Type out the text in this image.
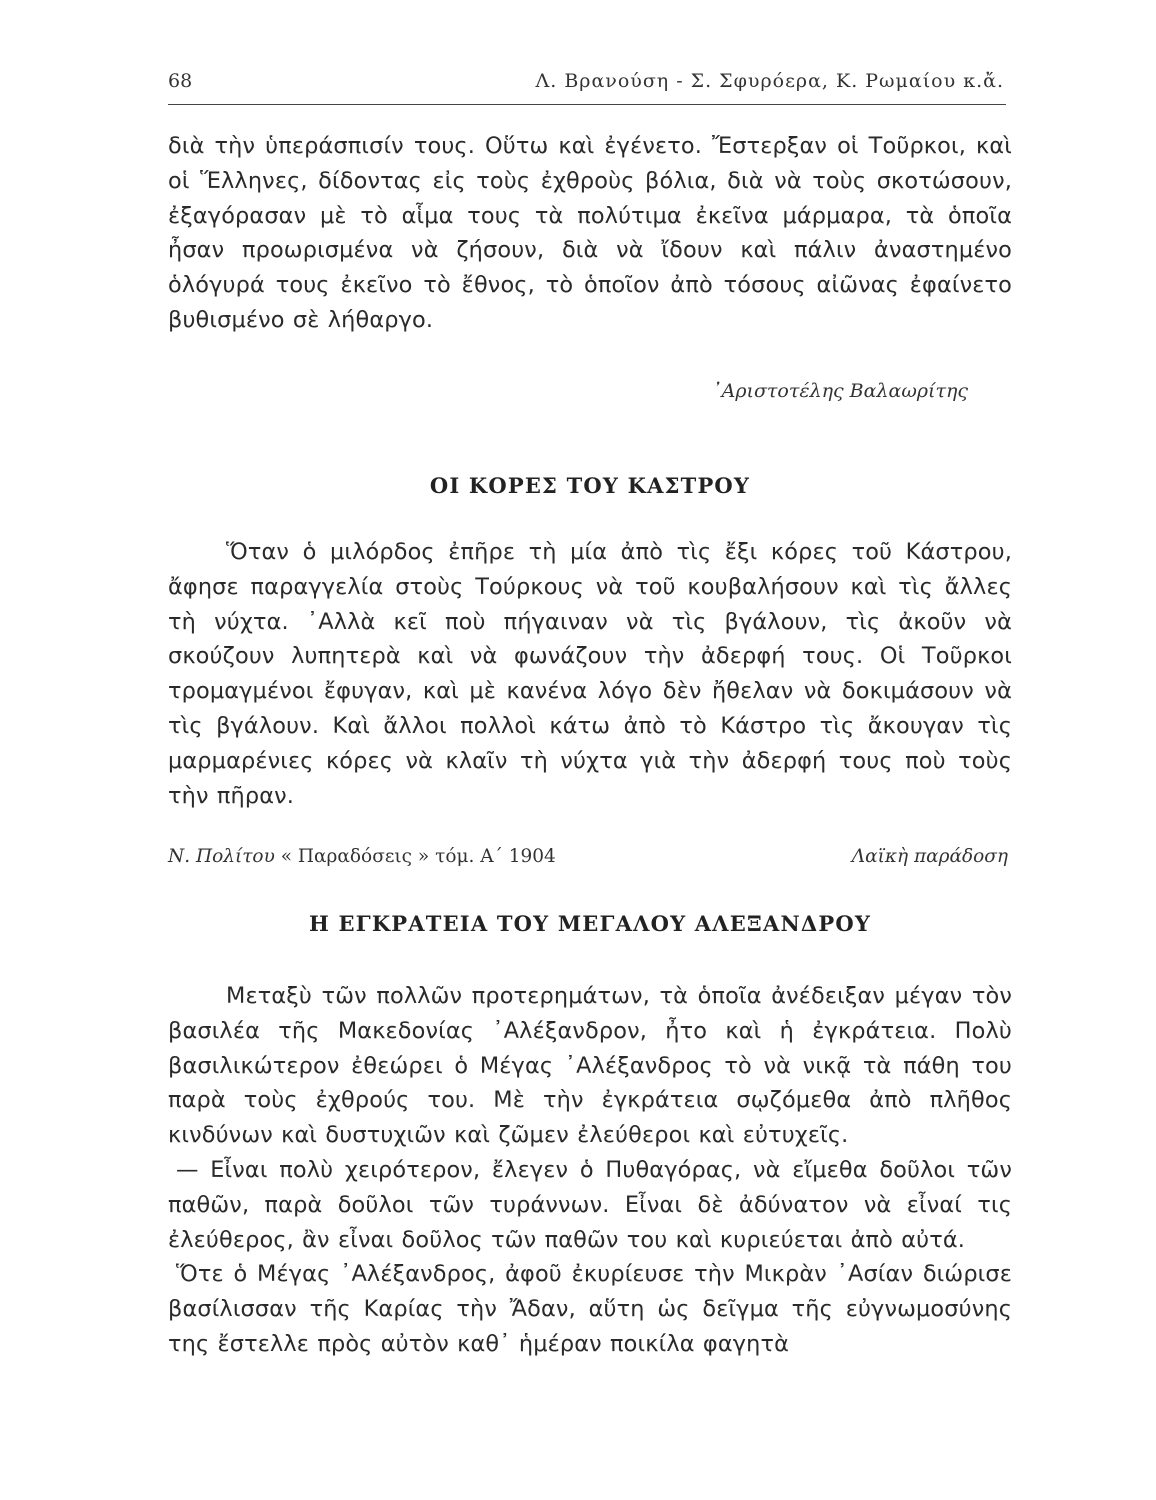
68	Λ. Βρανούση - Σ. Σφυρόερα, Κ. Ρωμαίου κ.ἄ.

διὰ τὴν ὑπεράσπισίν τους. Οὕτω καὶ ἐγένετο. Ἔστερξαν οἱ Τοῦρκοι, καὶ οἱ Ἕλληνες, δίδοντας εἰς τοὺς ἐχθροὺς βόλια, διὰ νὰ τοὺς σκοτώσουν, ἐξαγόρασαν μὲ τὸ αἷμα τους τὰ πολύτιμα ἐκεῖνα μάρμαρα, τὰ ὁποῖα ἦσαν προωρισμένα νὰ ζήσουν, διὰ νὰ ἴδουν καὶ πάλιν ἀναστημένο ὁλόγυρά τους ἐκεῖνο τὸ ἔθνος, τὸ ὁποῖον ἀπὸ τόσους αἰῶνας ἐφαίνετο βυθισμένο σὲ λήθαργο.

᾿Αριστοτέλης Βαλαωρίτης
ΟΙ ΚΟΡΕΣ ΤΟΥ ΚΑΣΤΡΟΥ

Ὅταν ὁ μιλόρδος ἐπῆρε τὴ μία ἀπὸ τὶς ἔξι κόρες τοῦ Κάστρου, ἄφησε παραγγελία στοὺς Τούρκους νὰ τοῦ κουβαλήσουν καὶ τὶς ἄλλες τὴ νύχτα. ᾿Αλλὰ κεῖ ποὺ πήγαιναν νὰ τὶς βγάλουν, τὶς ἀκοῦν νὰ σκούζουν λυπητερὰ καὶ νὰ φωνάζουν τὴν ἀδερφή τους. Οἱ Τοῦρκοι τρομαγμένοι ἔφυγαν, καὶ μὲ κανένα λόγο δὲν ἤθελαν νὰ δοκιμάσουν νὰ τὶς βγάλουν. Καὶ ἄλλοι πολλοὶ κάτω ἀπὸ τὸ Κάστρο τὶς ἄκουγαν τὶς μαρμαρένιες κόρες νὰ κλαῖν τὴ νύχτα γιὰ τὴν ἀδερφή τους ποὺ τοὺς τὴν πῆραν.

Ν. Πολίτου « Παραδόσεις » τόμ. Α΄ 1904	Λαϊκὴ παράδοση
Η ΕΓΚΡΑΤΕΙΑ ΤΟΥ ΜΕΓΑΛΟΥ ΑΛΕΞΑΝΔΡΟΥ

Μεταξὺ τῶν πολλῶν προτερημάτων, τὰ ὁποῖα ἀνέδειξαν μέγαν τὸν βασιλέα τῆς Μακεδονίας ᾿Αλέξανδρον, ἦτο καὶ ἡ ἐγκράτεια. Πολὺ βασιλικώτερον ἐθεώρει ὁ Μέγας ᾿Αλέξανδρος τὸ νὰ νικᾷ τὰ πάθη του παρὰ τοὺς ἐχθρούς του. Μὲ τὴν ἐγκράτεια σῳζόμεθα ἀπὸ πλῆθος κινδύνων καὶ δυστυχιῶν καὶ ζῶμεν ἐλεύθεροι καὶ εὐτυχεῖς.

— Εἶναι πολὺ χειρότερον, ἔλεγεν ὁ Πυθαγόρας, νὰ εἴμεθα δοῦλοι τῶν παθῶν, παρὰ δοῦλοι τῶν τυράννων. Εἶναι δὲ ἀδύνατον νὰ εἶναί τις ἐλεύθερος, ἂν εἶναι δοῦλος τῶν παθῶν του καὶ κυριεύεται ἀπὸ αὐτά.

Ὅτε ὁ Μέγας ᾿Αλέξανδρος, ἀφοῦ ἐκυρίευσε τὴν Μικρὰν ᾿Ασίαν διώρισε βασίλισσαν τῆς Καρίας τὴν Ἄδαν, αὕτη ὡς δεῖγμα τῆς εὐγνωμοσύνης της ἔστελλε πρὸς αὐτὸν καθ᾿ ἡμέραν ποικίλα φαγητὰ
